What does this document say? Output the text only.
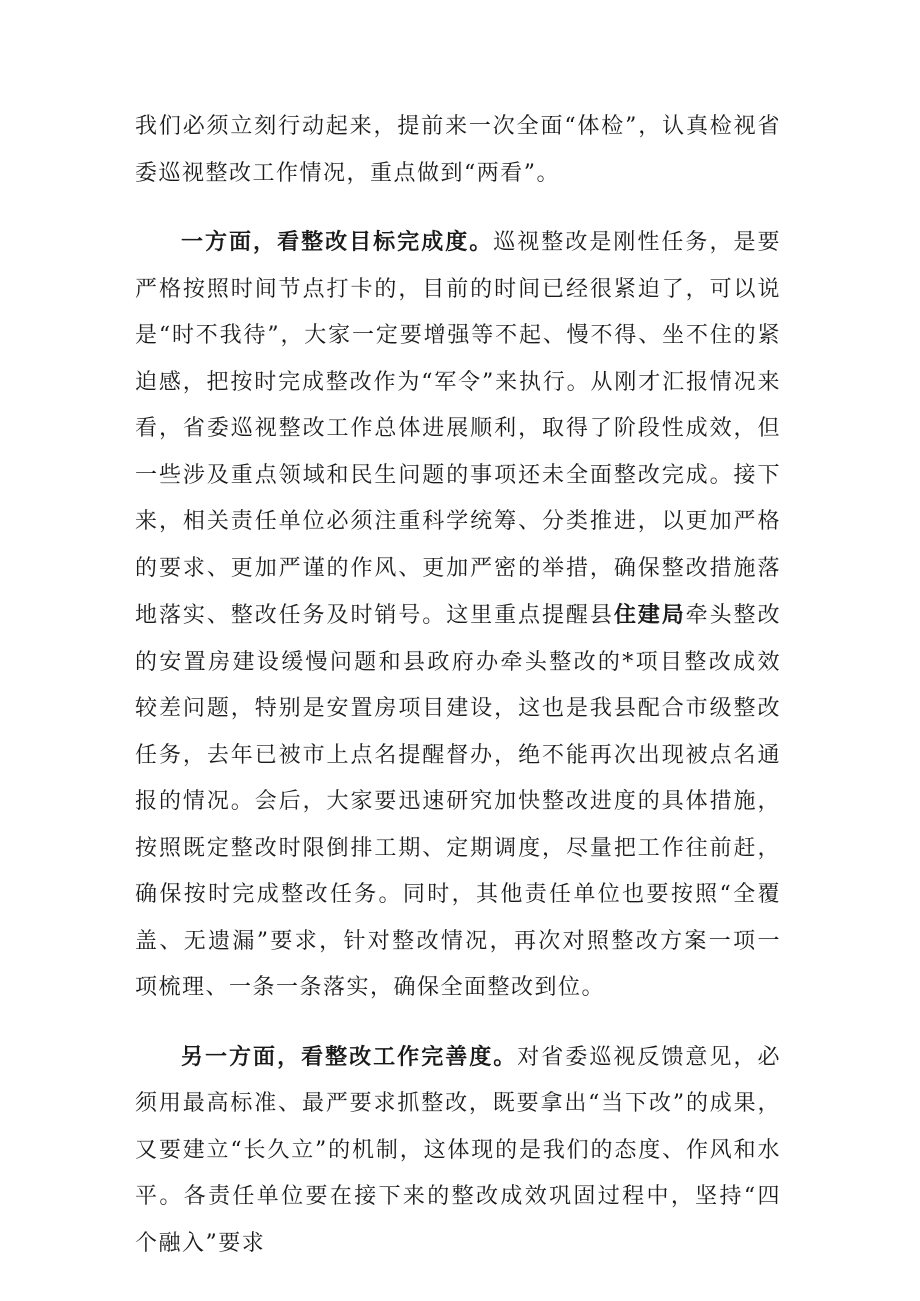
我们必须立刻行动起来，提前来一次全面“体检”，认真检视省委巡视整改工作情况，重点做到“两看”。

一方面，看整改目标完成度。巡视整改是刚性任务，是要严格按照时间节点打卡的，目前的时间已经很紧迫了，可以说是“时不我待”，大家一定要增强等不起、慢不得、坐不住的紧迫感，把按时完成整改作为“军令”来执行。从刚才汇报情况来看，省委巡视整改工作总体进展顺利，取得了阶段性成效，但一些涉及重点领域和民生问题的事项还未全面整改完成。接下来，相关责任单位必须注重科学统筹、分类推进，以更加严格的要求、更加严谨的作风、更加严密的举措，确保整改措施落地落实、整改任务及时销号。这里重点提醒县住建局牵头整改的安置房建设缓慢问题和县政府办牵头整改的*项目整改成效较差问题，特别是安置房项目建设，这也是我县配合市级整改任务，去年已被市上点名提醒督办，绝不能再次出现被点名通报的情况。会后，大家要迅速研究加快整改进度的具体措施，按照既定整改时限倒排工期、定期调度，尽量把工作往前赶，确保按时完成整改任务。同时，其他责任单位也要按照“全覆盖、无遗漏”要求，针对整改情况，再次对照整改方案一项一项梳理、一条一条落实，确保全面整改到位。

另一方面，看整改工作完善度。对省委巡视反馈意见，必须用最高标准、最严要求抓整改，既要拿出“当下改”的成果，又要建立“长久立”的机制，这体现的是我们的态度、作风和水平。各责任单位要在接下来的整改成效巩固过程中，坚持“四个融入”要求
